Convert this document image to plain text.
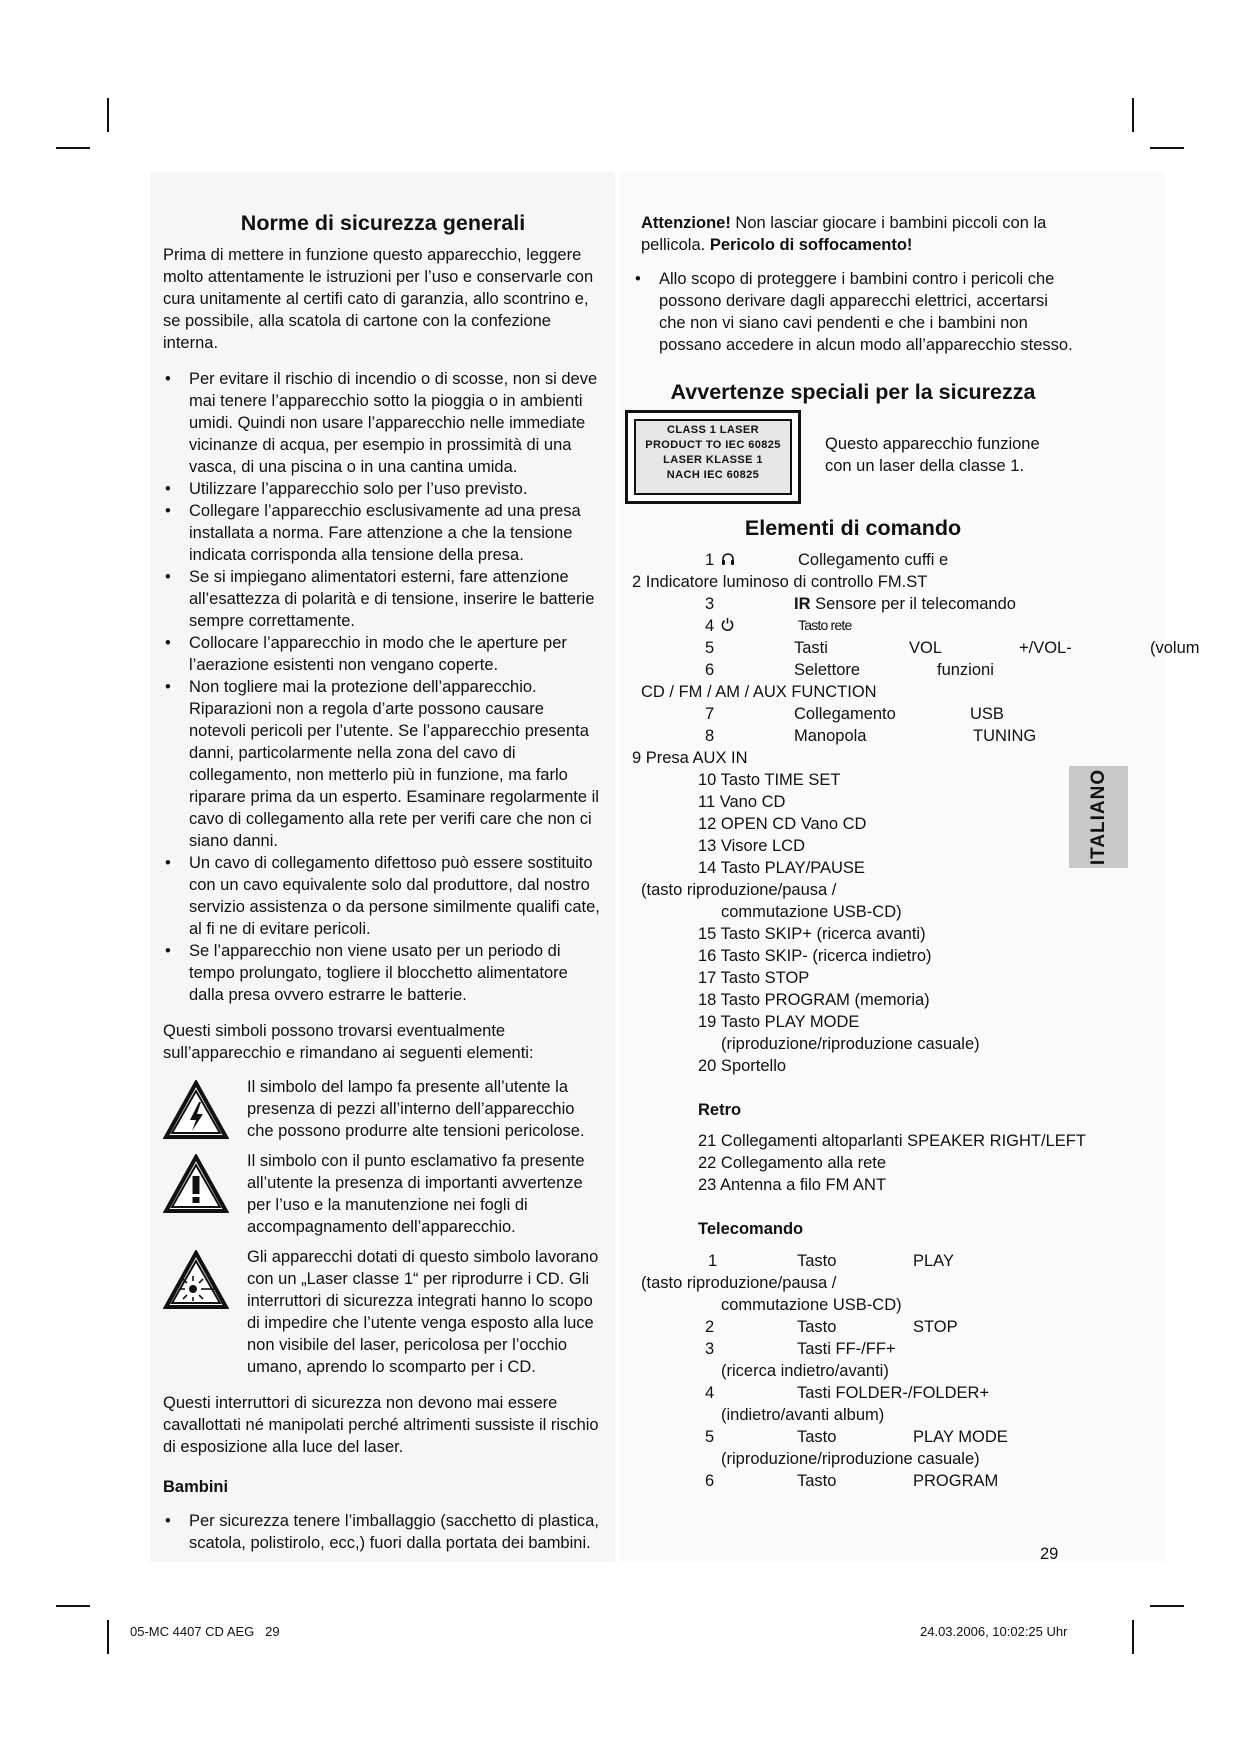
Norme di sicurezza generali

Prima di mettere in funzione questo apparecchio, leggere molto attentamente le istruzioni per l’uso e conservarle con cura unitamente al certifi cato di garanzia, allo scontrino e, se possibile, alla scatola di cartone con la confezione interna.

• Per evitare il rischio di incendio o di scosse, non si deve mai tenere l’apparecchio sotto la pioggia o in ambienti umidi. Quindi non usare l’apparecchio nelle immediate vicinanze di acqua, per esempio in prossimità di una vasca, di una piscina o in una cantina umida.
• Utilizzare l’apparecchio solo per l’uso previsto.
• Collegare l’apparecchio esclusivamente ad una presa installata a norma. Fare attenzione a che la tensione indicata corrisponda alla tensione della presa.
• Se si impiegano alimentatori esterni, fare attenzione all’esattezza di polarità e di tensione, inserire le batterie sempre correttamente.
• Collocare l’apparecchio in modo che le aperture per l’aerazione esistenti non vengano coperte.
• Non togliere mai la protezione dell’apparecchio. Riparazioni non a regola d’arte possono causare notevoli pericoli per l’utente. Se l’apparecchio presenta danni, particolarmente nella zona del cavo di collegamento, non metterlo più in funzione, ma farlo riparare prima da un esperto. Esaminare regolarmente il cavo di collegamento alla rete per verifi care che non ci siano danni.
• Un cavo di collegamento difettoso può essere sostituito con un cavo equivalente solo dal produttore, dal nostro servizio assistenza o da persone similmente qualifi cate, al fi ne di evitare pericoli.
• Se l’apparecchio non viene usato per un periodo di tempo prolungato, togliere il blocchetto alimentatore dalla presa ovvero estrarre le batterie.

Questi simboli possono trovarsi eventualmente sull’apparecchio e rimandano ai seguenti elementi:

Il simbolo del lampo fa presente all’utente la presenza di pezzi all’interno dell’apparecchio che possono produrre alte tensioni pericolose.

Il simbolo con il punto esclamativo fa presente all’utente la presenza di importanti avvertenze per l’uso e la manutenzione nei fogli di accompagnamento dell’apparecchio.

Gli apparecchi dotati di questo simbolo lavorano con un „Laser classe 1“ per riprodurre i CD. Gli interruttori di sicurezza integrati hanno lo scopo di impedire che l’utente venga esposto alla luce non visibile del laser, pericolosa per l’occhio umano, aprendo lo scomparto per i CD.

Questi interruttori di sicurezza non devono mai essere cavallottati né manipolati perché altrimenti sussiste il rischio di esposizione alla luce del laser.

Bambini
• Per sicurezza tenere l’imballaggio (sacchetto di plastica, scatola, polistirolo, ecc,) fuori dalla portata dei bambini.

Attenzione! Non lasciar giocare i bambini piccoli con la pellicola. Pericolo di soffocamento!

• Allo scopo di proteggere i bambini contro i pericoli che possono derivare dagli apparecchi elettrici, accertarsi che non vi siano cavi pendenti e che i bambini non possano accedere in alcun modo all’apparecchio stesso.
Avvertenze speciali per la sicurezza
CLASS 1 LASER
PRODUCT TO IEC 60825
LASER KLASSE 1
NACH IEC 60825

Questo apparecchio funzione con un laser della classe 1.

Elementi di comando
1	Collegamento cuffi e
2 Indicatore luminoso di controllo FM.ST
3	IR Sensore per il telecomando
4	Tasto rete
5	Tasti	VOL	+/VOL-	(volum
6	Selettore	funzioni
CD / FM / AM / AUX FUNCTION
7	Collegamento	USB
8	Manopola	TUNING
9 Presa AUX IN
10 Tasto TIME SET
11 Vano CD
12 OPEN CD Vano CD
13 Visore LCD
14 Tasto PLAY/PAUSE
(tasto riproduzione/pausa /
commutazione USB-CD)
15 Tasto SKIP+ (ricerca avanti)
16 Tasto SKIP- (ricerca indietro)
17 Tasto STOP
18 Tasto PROGRAM (memoria)
19 Tasto PLAY MODE
(riproduzione/riproduzione casuale)
20 Sportello
Retro
21 Collegamenti altoparlanti SPEAKER RIGHT/LEFT
22 Collegamento alla rete
23 Antenna a filo FM ANT
Telecomando
1	Tasto	PLAY
(tasto riproduzione/pausa /
commutazione USB-CD)
2	Tasto	STOP
3	Tasti FF-/FF+
(ricerca indietro/avanti)
4	Tasti FOLDER-/FOLDER+
(indietro/avanti album)
5	Tasto	PLAY MODE
(riproduzione/riproduzione casuale)
6	Tasto	PROGRAM
ITALIANO
29
05-MC 4407 CD AEG   29	24.03.2006, 10:02:25 Uhr
